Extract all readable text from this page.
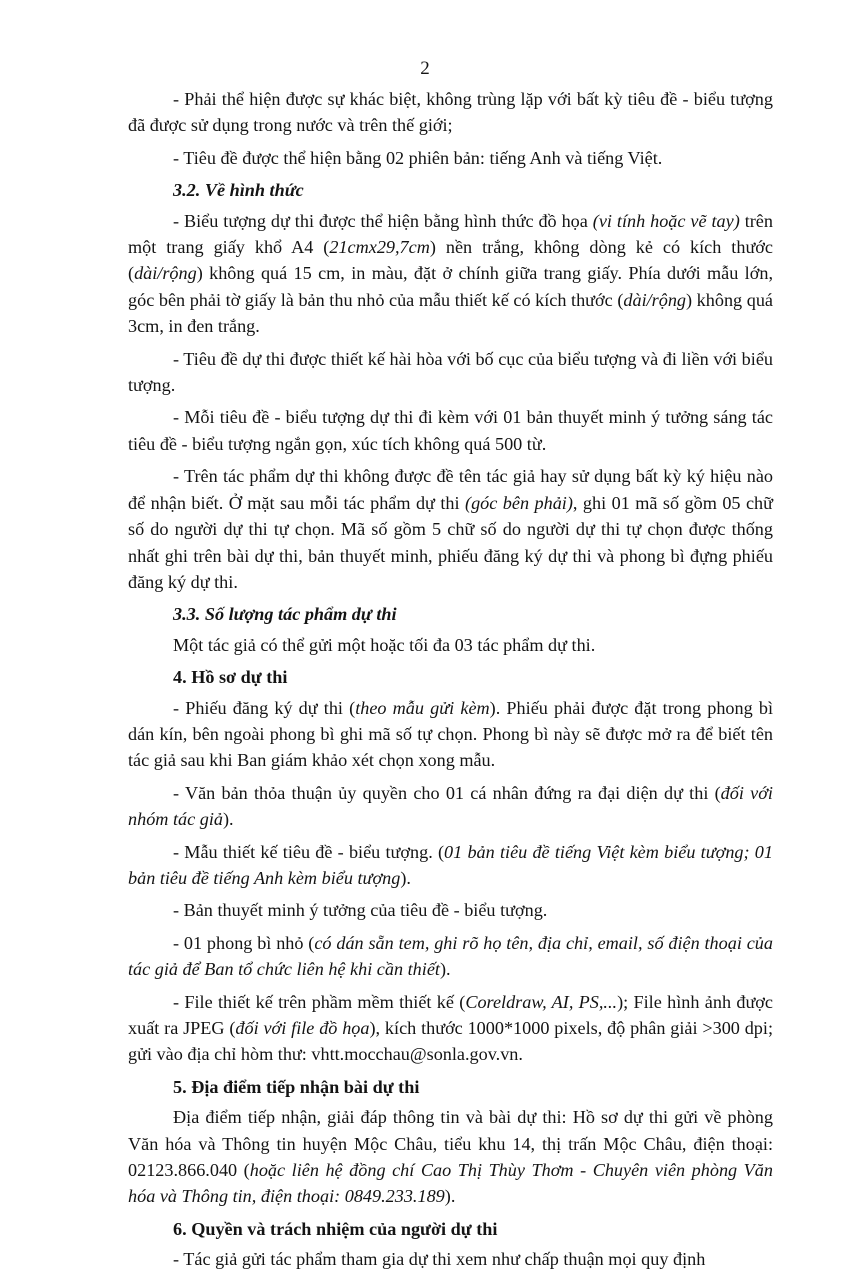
2

- Phải thể hiện được sự khác biệt, không trùng lặp với bất kỳ tiêu đề - biểu tượng đã được sử dụng trong nước và trên thế giới;

- Tiêu đề được thể hiện bằng 02 phiên bản: tiếng Anh và tiếng Việt.

3.2. Về hình thức

- Biểu tượng dự thi được thể hiện bằng hình thức đồ họa (vi tính hoặc vẽ tay) trên một trang giấy khổ A4 (21cmx29,7cm) nền trắng, không dòng kẻ có kích thước (dài/rộng) không quá 15 cm, in màu, đặt ở chính giữa trang giấy. Phía dưới mẫu lớn, góc bên phải tờ giấy là bản thu nhỏ của mẫu thiết kế có kích thước (dài/rộng) không quá 3cm, in đen trắng.

- Tiêu đề dự thi được thiết kế hài hòa với bố cục của biểu tượng và đi liền với biểu tượng.

- Mỗi tiêu đề - biểu tượng dự thi đi kèm với 01 bản thuyết minh ý tưởng sáng tác tiêu đề - biểu tượng ngắn gọn, xúc tích không quá 500 từ.

- Trên tác phẩm dự thi không được đề tên tác giả hay sử dụng bất kỳ ký hiệu nào để nhận biết. Ở mặt sau mỗi tác phẩm dự thi (góc bên phải), ghi 01 mã số gồm 05 chữ số do người dự thi tự chọn. Mã số gồm 5 chữ số do người dự thi tự chọn được thống nhất ghi trên bài dự thi, bản thuyết minh, phiếu đăng ký dự thi và phong bì đựng phiếu đăng ký dự thi.

3.3. Số lượng tác phẩm dự thi

Một tác giả có thể gửi một hoặc tối đa 03 tác phẩm dự thi.

4. Hồ sơ dự thi

- Phiếu đăng ký dự thi (theo mẫu gửi kèm). Phiếu phải được đặt trong phong bì dán kín, bên ngoài phong bì ghi mã số tự chọn. Phong bì này sẽ được mở ra để biết tên tác giả sau khi Ban giám khảo xét chọn xong mẫu.

- Văn bản thỏa thuận ủy quyền cho 01 cá nhân đứng ra đại diện dự thi (đối với nhóm tác giả).

- Mẫu thiết kế tiêu đề - biểu tượng. (01 bản tiêu đề tiếng Việt kèm biểu tượng; 01 bản tiêu đề tiếng Anh kèm biểu tượng).

- Bản thuyết minh ý tưởng của tiêu đề - biểu tượng.

- 01 phong bì nhỏ (có dán sẵn tem, ghi rõ họ tên, địa chỉ, email, số điện thoại của tác giả để Ban tổ chức liên hệ khi cần thiết).

- File thiết kế trên phầm mềm thiết kế (Coreldraw, AI, PS,...); File hình ảnh được xuất ra JPEG (đối với file đồ họa), kích thước 1000*1000 pixels, độ phân giải >300 dpi; gửi vào địa chỉ hòm thư: vhtt.mocchau@sonla.gov.vn.

5. Địa điểm tiếp nhận bài dự thi

Địa điểm tiếp nhận, giải đáp thông tin và bài dự thi: Hồ sơ dự thi gửi về phòng Văn hóa và Thông tin huyện Mộc Châu, tiểu khu 14, thị trấn Mộc Châu, điện thoại: 02123.866.040 (hoặc liên hệ đồng chí Cao Thị Thùy Thơm - Chuyên viên phòng Văn hóa và Thông tin, điện thoại: 0849.233.189).

6. Quyền và trách nhiệm của người dự thi

- Tác giả gửi tác phẩm tham gia dự thi xem như chấp thuận mọi quy định
